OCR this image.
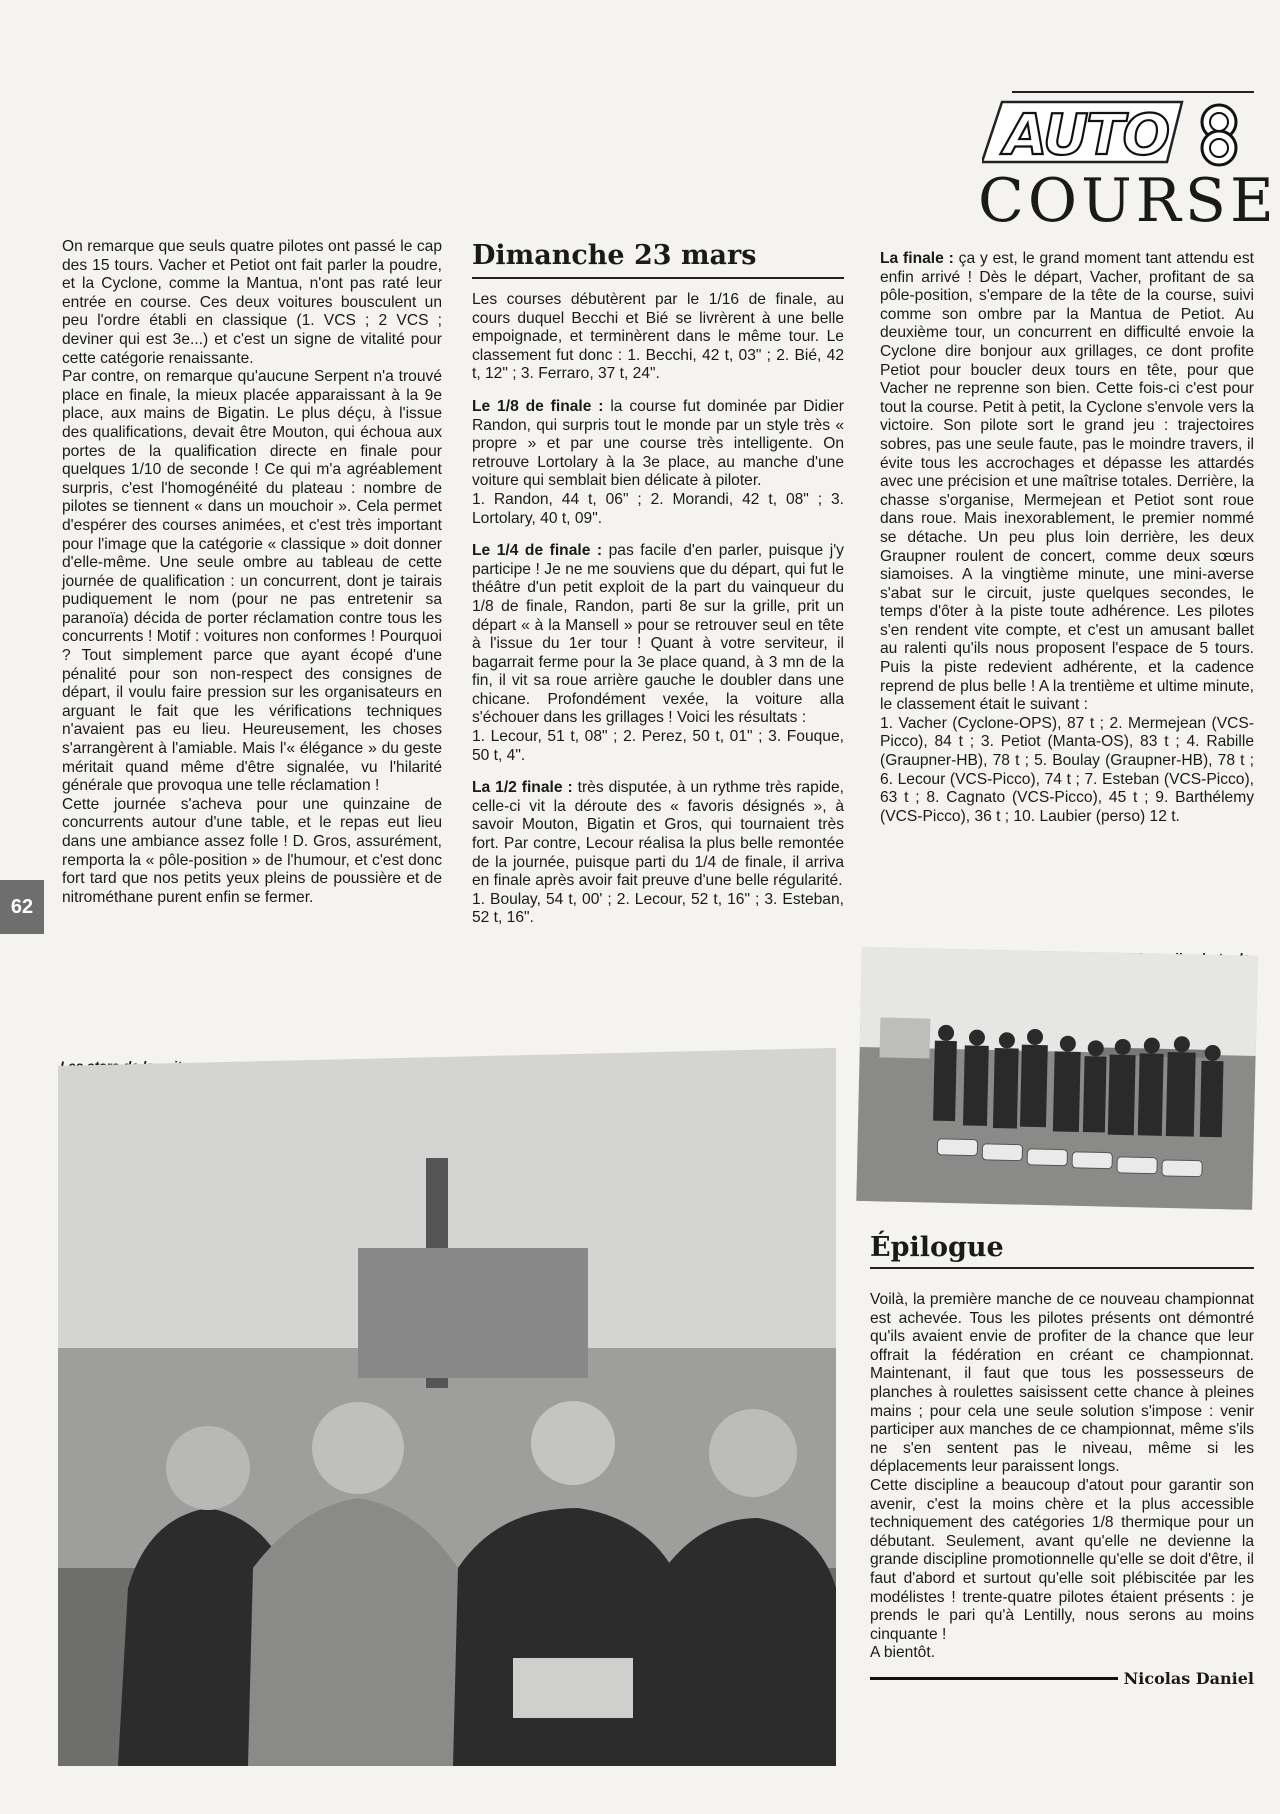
62
AUTO
COURSE

On remarque que seuls quatre pilotes ont passé le cap des 15 tours. Vacher et Petiot ont fait parler la poudre, et la Cyclone, comme la Mantua, n'ont pas raté leur entrée en course. Ces deux voitures bousculent un peu l'ordre établi en classique (1. VCS ; 2 VCS ; deviner qui est 3e...) et c'est un signe de vitalité pour cette catégorie renaissante.

Par contre, on remarque qu'aucune Serpent n'a trouvé place en finale, la mieux placée apparaissant à la 9e place, aux mains de Bigatin. Le plus déçu, à l'issue des qualifications, devait être Mouton, qui échoua aux portes de la qualification directe en finale pour quelques 1/10 de seconde ! Ce qui m'a agréablement surpris, c'est l'homogénéité du plateau : nombre de pilotes se tiennent « dans un mouchoir ». Cela permet d'espérer des courses animées, et c'est très important pour l'image que la catégorie « classique » doit donner d'elle-même. Une seule ombre au tableau de cette journée de qualification : un concurrent, dont je tairais pudiquement le nom (pour ne pas entretenir sa paranoïa) décida de porter réclamation contre tous les concurrents ! Motif : voitures non conformes ! Pourquoi ? Tout simplement parce que ayant écopé d'une pénalité pour son non-respect des consignes de départ, il voulu faire pression sur les organisateurs en arguant le fait que les vérifications techniques n'avaient pas eu lieu. Heureusement, les choses s'arrangèrent à l'amiable. Mais l'« élégance » du geste méritait quand même d'être signalée, vu l'hilarité générale que provoqua une telle réclamation !

Cette journée s'acheva pour une quinzaine de concurrents autour d'une table, et le repas eut lieu dans une ambiance assez folle ! D. Gros, assurément, remporta la « pôle-position » de l'humour, et c'est donc fort tard que nos petits yeux pleins de poussière et de nitrométhane purent enfin se fermer.

Dimanche 23 mars

Les courses débutèrent par le 1/16 de finale, au cours duquel Becchi et Bié se livrèrent à une belle empoignade, et terminèrent dans le même tour. Le classement fut donc : 1. Becchi, 42 t, 03" ; 2. Bié, 42 t, 12" ; 3. Ferraro, 37 t, 24".

Le 1/8 de finale : la course fut dominée par Didier Randon, qui surpris tout le monde par un style très « propre » et par une course très intelligente. On retrouve Lortolary à la 3e place, au manche d'une voiture qui semblait bien délicate à piloter.

1. Randon, 44 t, 06" ; 2. Morandi, 42 t, 08" ; 3. Lortolary, 40 t, 09".

Le 1/4 de finale : pas facile d'en parler, puisque j'y participe ! Je ne me souviens que du départ, qui fut le théâtre d'un petit exploit de la part du vainqueur du 1/8 de finale, Randon, parti 8e sur la grille, prit un départ « à la Mansell » pour se retrouver seul en tête à l'issue du 1er tour ! Quant à votre serviteur, il bagarrait ferme pour la 3e place quand, à 3 mn de la fin, il vit sa roue arrière gauche le doubler dans une chicane. Profondément vexée, la voiture alla s'échouer dans les grillages ! Voici les résultats :

1. Lecour, 51 t, 08" ; 2. Perez, 50 t, 01" ; 3. Fouque, 50 t, 4".

La 1/2 finale : très disputée, à un rythme très rapide, celle-ci vit la déroute des « favoris désignés », à savoir Mouton, Bigatin et Gros, qui tournaient très fort. Par contre, Lecour réalisa la plus belle remontée de la journée, puisque parti du 1/4 de finale, il arriva en finale après avoir fait preuve d'une belle régularité.

1. Boulay, 54 t, 00' ; 2. Lecour, 52 t, 16" ; 3. Esteban, 52 t, 16".

La finale : ça y est, le grand moment tant attendu est enfin arrivé ! Dès le départ, Vacher, profitant de sa pôle-position, s'empare de la tête de la course, suivi comme son ombre par la Mantua de Petiot. Au deuxième tour, un concurrent en difficulté envoie la Cyclone dire bonjour aux grillages, ce dont profite Petiot pour boucler deux tours en tête, pour que Vacher ne reprenne son bien. Cette fois-ci c'est pour tout la course. Petit à petit, la Cyclone s'envole vers la victoire. Son pilote sort le grand jeu : trajectoires sobres, pas une seule faute, pas le moindre travers, il évite tous les accrochages et dépasse les attardés avec une précision et une maîtrise totales. Derrière, la chasse s'organise, Mermejean et Petiot sont roue dans roue. Mais inexorablement, le premier nommé se détache. Un peu plus loin derrière, les deux Graupner roulent de concert, comme deux sœurs siamoises. A la vingtième minute, une mini-averse s'abat sur le circuit, juste quelques secondes, le temps d'ôter à la piste toute adhérence. Les pilotes s'en rendent vite compte, et c'est un amusant ballet au ralenti qu'ils nous proposent l'espace de 5 tours. Puis la piste redevient adhérente, et la cadence reprend de plus belle ! A la trentième et ultime minute, le classement était le suivant :

1. Vacher (Cyclone-OPS), 87 t ; 2. Mermejean (VCS-Picco), 84 t ; 3. Petiot (Manta-OS), 83 t ; 4. Rabille (Graupner-HB), 78 t ; 5. Boulay (Graupner-HB), 78 t ; 6. Lecour (VCS-Picco), 74 t ; 7. Esteban (VCS-Picco), 63 t ; 8. Cagnato (VCS-Picco), 45 t ; 9. Barthélemy (VCS-Picco), 36 t ; 10. Laubier (perso) 12 t.

Épilogue

Voilà, la première manche de ce nouveau championnat est achevée. Tous les pilotes présents ont démontré qu'ils avaient envie de profiter de la chance que leur offrait la fédération en créant ce championnat. Maintenant, il faut que tous les possesseurs de planches à roulettes saisissent cette chance à pleines mains ; pour cela une seule solution s'impose : venir participer aux manches de ce championnat, même s'ils ne s'en sentent pas le niveau, même si les déplacements leur paraissent longs.

Cette discipline a beaucoup d'atout pour garantir son avenir, c'est la moins chère et la plus accessible techniquement des catégories 1/8 thermique pour un débutant. Seulement, avant qu'elle ne devienne la grande discipline promotionnelle qu'elle se doit d'être, il faut d'abord et surtout qu'elle soit plébiscitée par les modélistes ! trente-quatre pilotes étaient présents : je prends le pari qu'à Lentilly, nous serons au moins cinquante !

A bientôt.

Nicolas Daniel
